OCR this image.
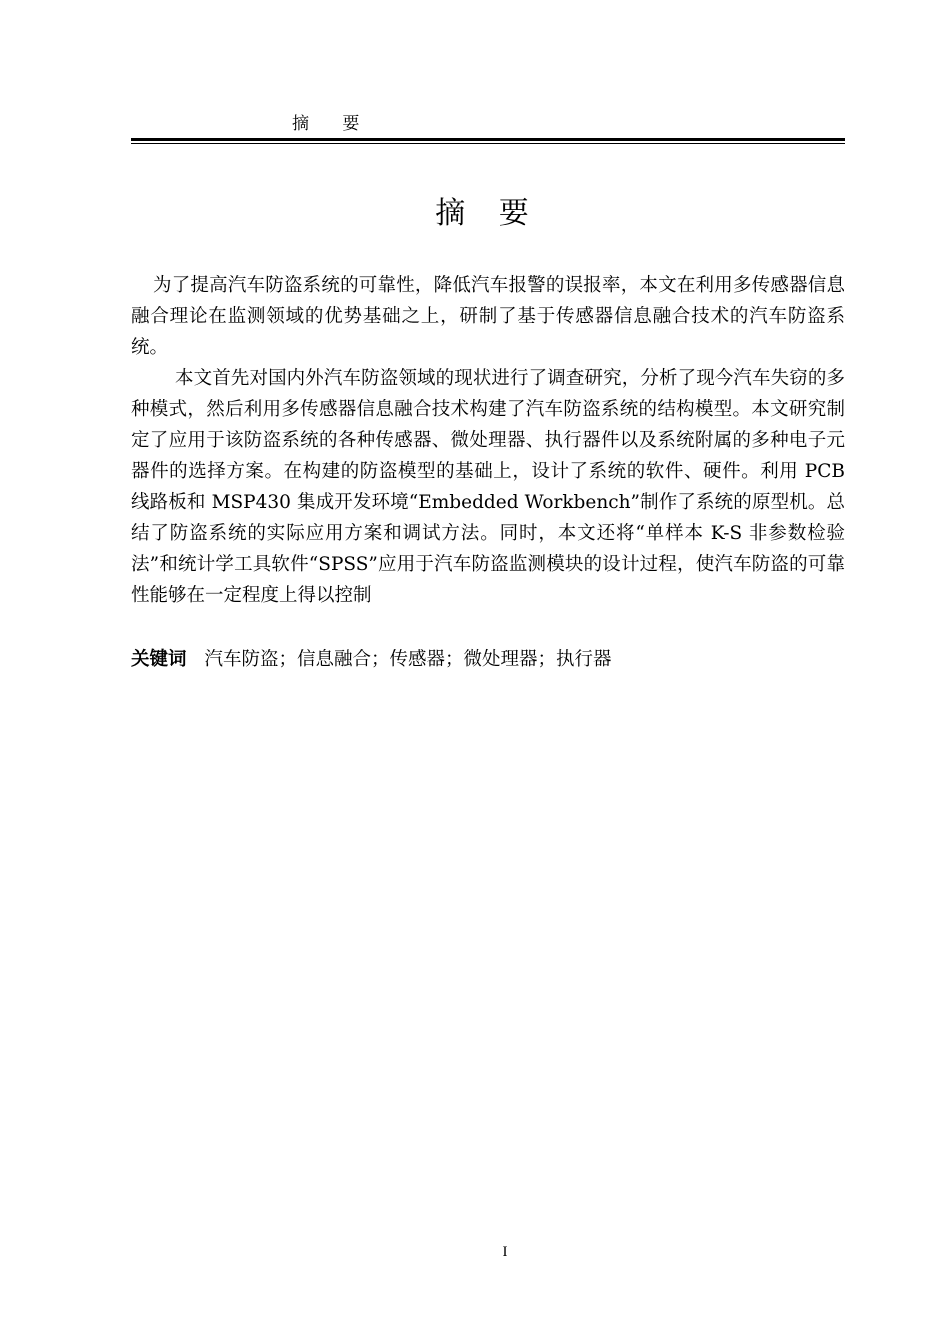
摘 要
摘 要

为了提高汽车防盗系统的可靠性，降低汽车报警的误报率，本文在利用多传感器信息融合理论在监测领域的优势基础之上，研制了基于传感器信息融合技术的汽车防盗系统。

本文首先对国内外汽车防盗领域的现状进行了调查研究，分析了现今汽车失窃的多种模式，然后利用多传感器信息融合技术构建了汽车防盗系统的结构模型。本文研究制定了应用于该防盗系统的各种传感器、微处理器、执行器件以及系统附属的多种电子元器件的选择方案。在构建的防盗模型的基础上，设计了系统的软件、硬件。利用 PCB 线路板和 MSP430 集成开发环境“Embedded Workbench”制作了系统的原型机。总结了防盗系统的实际应用方案和调试方法。同时，本文还将“单样本 K-S 非参数检验法”和统计学工具软件“SPSS”应用于汽车防盗监测模块的设计过程，使汽车防盗的可靠性能够在一定程度上得以控制

关键词 汽车防盗；信息融合；传感器；微处理器；执行器
I
